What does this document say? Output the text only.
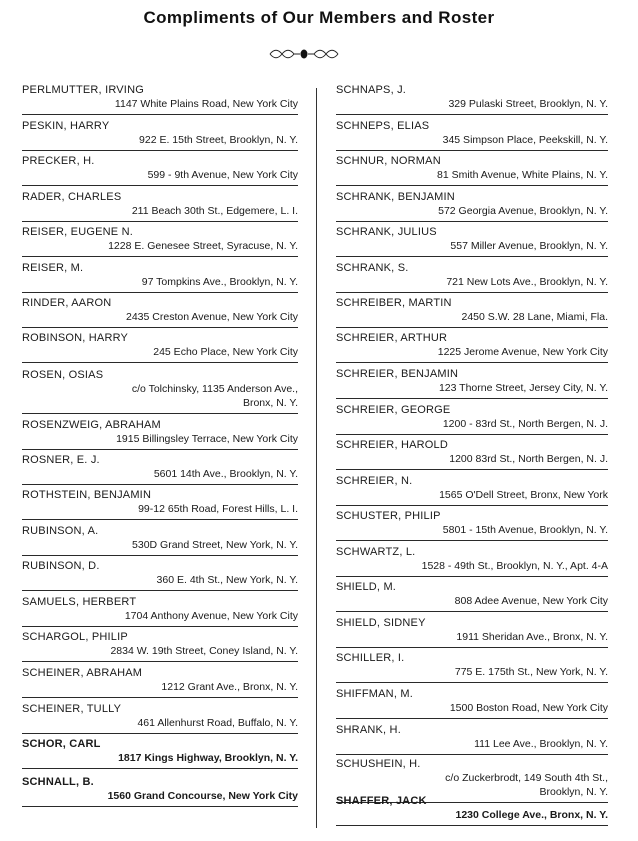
Compliments of Our Members and Roster
PERLMUTTER, IRVING
1147 White Plains Road, New York City
PESKIN, HARRY
922 E. 15th Street, Brooklyn, N. Y.
PRECKER, H.
599 - 9th Avenue, New York City
RADER, CHARLES
211 Beach 30th St., Edgemere, L. I.
REISER, EUGENE N.
1228 E. Genesee Street, Syracuse, N. Y.
REISER, M.
97 Tompkins Ave., Brooklyn, N. Y.
RINDER, AARON
2435 Creston Avenue, New York City
ROBINSON, HARRY
245 Echo Place, New York City
ROSEN, OSIAS
c/o Tolchinsky, 1135 Anderson Ave.,
Bronx, N. Y.
ROSENZWEIG, ABRAHAM
1915 Billingsley Terrace, New York City
ROSNER, E. J.
5601 14th Ave., Brooklyn, N. Y.
ROTHSTEIN, BENJAMIN
99-12 65th Road, Forest Hills, L. I.
RUBINSON, A.
530D Grand Street, New York, N. Y.
RUBINSON, D.
360 E. 4th St., New York, N. Y.
SAMUELS, HERBERT
1704 Anthony Avenue, New York City
SCHARGOL, PHILIP
2834 W. 19th Street, Coney Island, N. Y.
SCHEINER, ABRAHAM
1212 Grant Ave., Bronx, N. Y.
SCHEINER, TULLY
461 Allenhurst Road, Buffalo, N. Y.
SCHOR, CARL
1817 Kings Highway, Brooklyn, N. Y.
SCHNALL, B.
1560 Grand Concourse, New York City
SCHNAPS, J.
329 Pulaski Street, Brooklyn, N. Y.
SCHNEPS, ELIAS
345 Simpson Place, Peekskill, N. Y.
SCHNUR, NORMAN
81 Smith Avenue, White Plains, N. Y.
SCHRANK, BENJAMIN
572 Georgia Avenue, Brooklyn, N. Y.
SCHRANK, JULIUS
557 Miller Avenue, Brooklyn, N. Y.
SCHRANK, S.
721 New Lots Ave., Brooklyn, N. Y.
SCHREIBER, MARTIN
2450 S.W. 28 Lane, Miami, Fla.
SCHREIER, ARTHUR
1225 Jerome Avenue, New York City
SCHREIER, BENJAMIN
123 Thorne Street, Jersey City, N. Y.
SCHREIER, GEORGE
1200 - 83rd St., North Bergen, N. J.
SCHREIER, HAROLD
1200 83rd St., North Bergen, N. J.
SCHREIER, N.
1565 O'Dell Street, Bronx, New York
SCHUSTER, PHILIP
5801 - 15th Avenue, Brooklyn, N. Y.
SCHWARTZ, L.
1528 - 49th St., Brooklyn, N. Y., Apt. 4-A
SHIELD, M.
808 Adee Avenue, New York City
SHIELD, SIDNEY
1911 Sheridan Ave., Bronx, N. Y.
SCHILLER, I.
775 E. 175th St., New York, N. Y.
SHIFFMAN, M.
1500 Boston Road, New York City
SHRANK, H.
111 Lee Ave., Brooklyn, N. Y.
SCHUSHEIN, H.
c/o Zuckerbrodt, 149 South 4th St.,
Brooklyn, N. Y.
SHAFFER, JACK
1230 College Ave., Bronx, N. Y.
